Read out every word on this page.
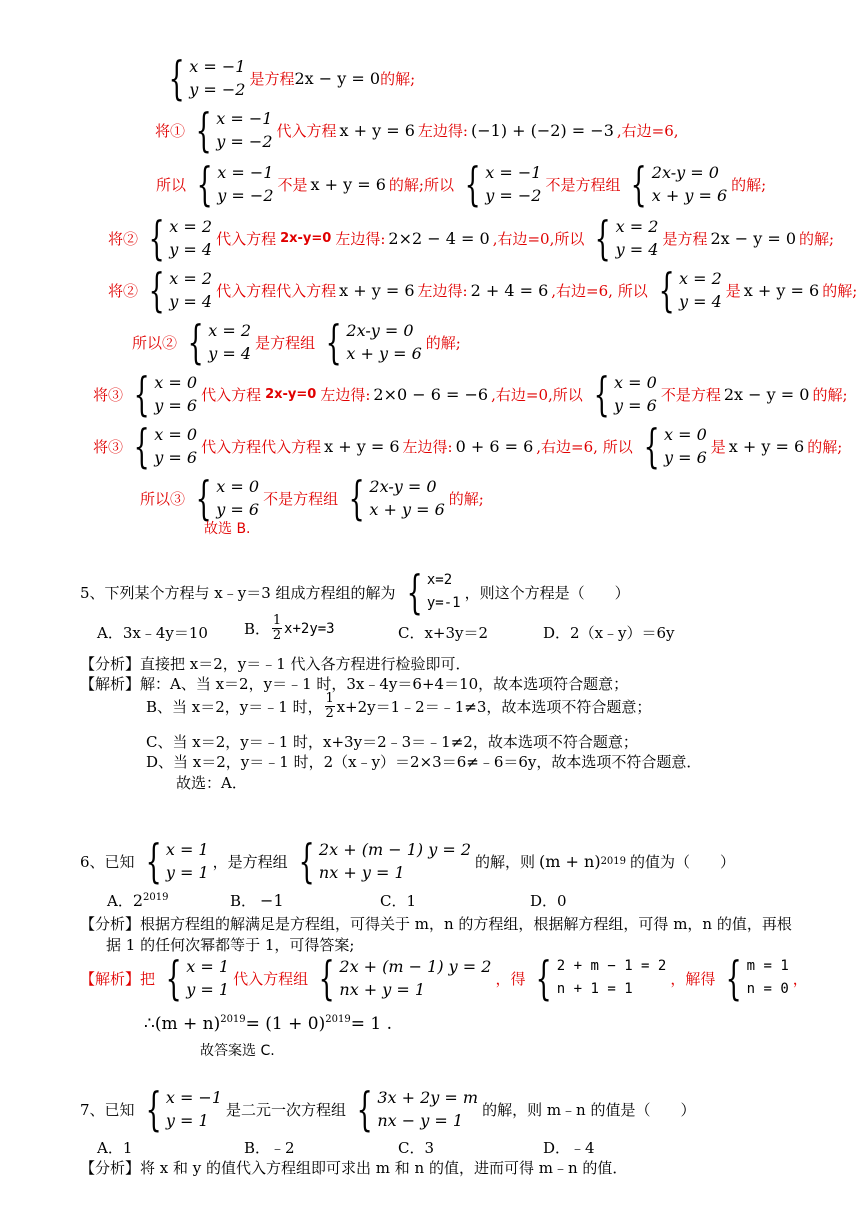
{ x = −1
y = −2
是方程 2x − y = 0 的解;
将① { x = −1
y = −2
代入方程 x + y = 6 左边得: (−1) + (−2) = −3 ,右边=6,
所以 { x = −1
y = −2
不是 x + y = 6 的解;所以 { x = −1
y = −2
不是方程组 { 2x-y = 0
x + y = 6
的解;
将② { x = 2
y = 4
代入方程 2x-y=0 左边得: 2×2 − 4 = 0 ,右边=0,所以 { x = 2
y = 4
是方程 2x − y = 0 的解;
将② { x = 2
y = 4
代入方程代入方程 x + y = 6 左边得: 2 + 4 = 6 ,右边=6, 所以 { x = 2
y = 4
是 x + y = 6 的解;
所以② { x = 2
y = 4
是方程组 { 2x-y = 0
x + y = 6
的解;
将③ { x = 0
y = 6
代入方程 2x-y=0 左边得: 2×0 − 6 = −6 ,右边=0,所以 { x = 0
y = 6
不是方程 2x − y = 0 的解;
将③ { x = 0
y = 6
代入方程代入方程 x + y = 6 左边得: 0 + 6 = 6 ,右边=6, 所以 { x = 0
y = 6
是 x + y = 6 的解;
所以③ { x = 0
y = 6
不是方程组 { 2x-y = 0
x + y = 6
的解;
故选 B.
5、下列某个方程与 x﹣y＝3 组成方程组的解为 { x=2
y=-1
，则这个方程是（　　）
A．3x﹣4y＝10 B． $\frac{1}{2} x+2y=3$	C．x+3y＝2	D．2（x﹣y）＝6y
【分析】直接把 x＝2，y＝﹣1 代入各方程进行检验即可．
【解析】解：A、当 x＝2，y＝﹣1 时，3x﹣4y＝6+4＝10，故本选项符合题意；
B、当 x＝2，y＝﹣1 时， $\frac{1}{2}$ x+2y＝1﹣2＝﹣1≠3，故本选项不符合题意；
C、当 x＝2，y＝﹣1 时，x+3y＝2﹣3＝﹣1≠2，故本选项不符合题意；
D、当 x＝2，y＝﹣1 时，2（x﹣y）＝2×3＝6≠﹣6＝6y，故本选项不符合题意．
故选：A．
6、已知 { x = 1
y = 1
，是方程组 { 2x + (m − 1) y = 2
nx + y = 1
的解，则 (m + n) 2019 的值为（　　）
A．$2^{2019}$	B． −1	C．1	D．0
【分析】根据方程组的解满足是方程组，可得关于 m，n 的方程组，根据解方程组，可得 m，n 的值，再根
据 1 的任何次幂都等于 1，可得答案;
【解析】把 { x = 1
y = 1
代入方程组 { 2x + (m − 1) y = 2
nx + y = 1
，得 { 2 + m − 1 = 2
n + 1 = 1
，解得 { m = 1
n = 0
，
∴(m + $n)^{2019} = (1 + 0)^{2019} = 1$ .
故答案选 C.
7、已知 { x = −1
y = 1
是二元一次方程组 { 3x + 2y = m
nx − y = 1
的解，则 m﹣n 的值是（　　）
A．1	B．﹣2	C．3	D．﹣4
【分析】将 x 和 y 的值代入方程组即可求出 m 和 n 的值，进而可得 m﹣n 的值．
